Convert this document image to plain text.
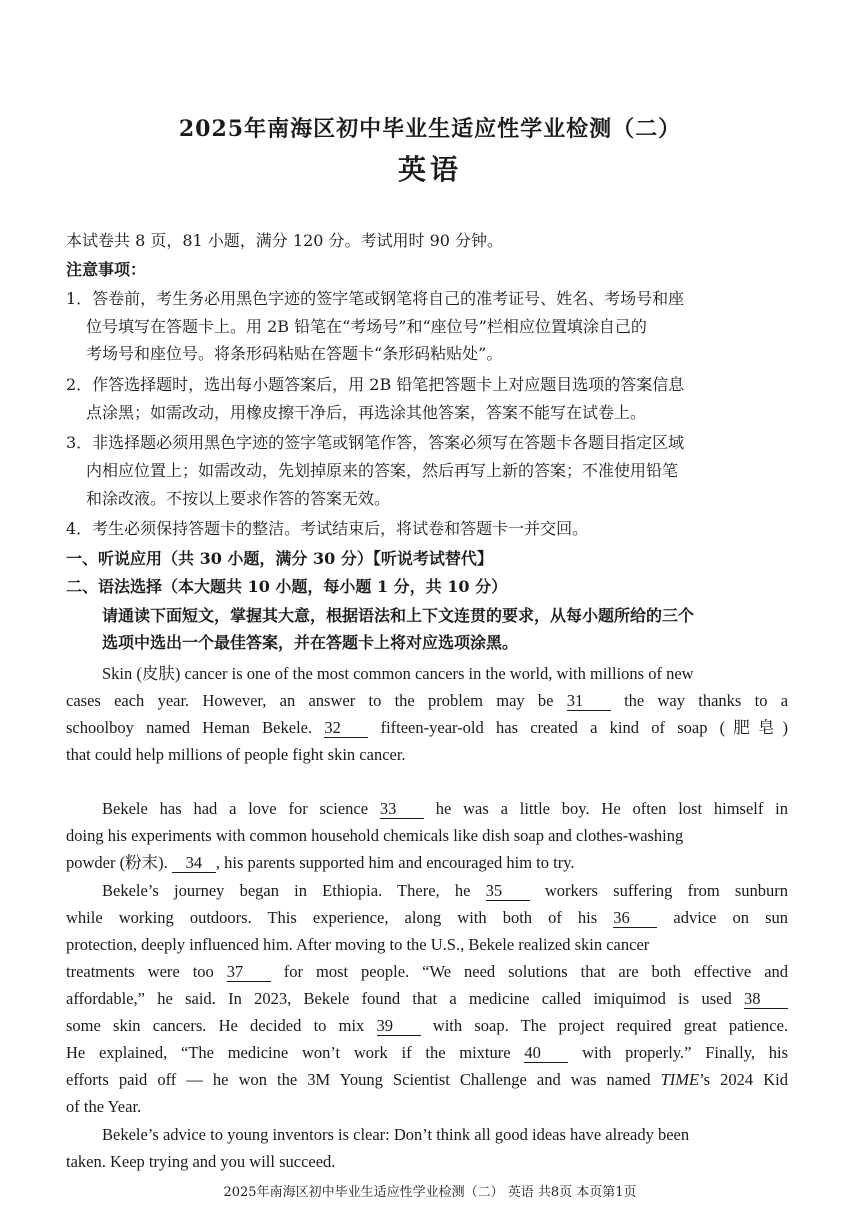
2025年南海区初中毕业生适应性学业检测（二）
英语
本试卷共 8 页，81 小题，满分 120 分。考试用时 90 分钟。
注意事项：
1．答卷前，考生务必用黑色字迹的签字笔或钢笔将自己的准考证号、姓名、考场号和座
位号填写在答题卡上。用 2B 铅笔在“考场号”和“座位号”栏相应位置填涂自己的
考场号和座位号。将条形码粘贴在答题卡“条形码粘贴处”。
2．作答选择题时，选出每小题答案后，用 2B 铅笔把答题卡上对应题目选项的答案信息
点涂黑；如需改动，用橡皮擦干净后，再选涂其他答案，答案不能写在试卷上。
3．非选择题必须用黑色字迹的签字笔或钢笔作答，答案必须写在答题卡各题目指定区域
内相应位置上；如需改动，先划掉原来的答案，然后再写上新的答案；不准使用铅笔
和涂改液。不按以上要求作答的答案无效。
4．考生必须保持答题卡的整洁。考试结束后，将试卷和答题卡一并交回。
一、听说应用（共 30 小题，满分 30 分）【听说考试替代】
二、语法选择（本大题共 10 小题，每小题 1 分，共 10 分）
请通读下面短文，掌握其大意，根据语法和上下文连贯的要求，从每小题所给的三个
选项中选出一个最佳答案，并在答题卡上将对应选项涂黑。
Skin (皮肤) cancer is one of the most common cancers in the world, with millions of new
cases each year. However, an answer to the problem may be 31 the way thanks to a
schoolboy named Heman Bekele. 32 fifteen-year-old has created a kind of soap (肥皂)
that could help millions of people fight skin cancer.
Bekele has had a love for science 33 he was a little boy. He often lost himself in
doing his experiments with common household chemicals like dish soap and clothes-washing
powder (粉末). 34 , his parents supported him and encouraged him to try.
Bekele’s journey began in Ethiopia. There, he 35	workers suffering from sunburn
while working outdoors. This experience, along with both of his 36	advice on sun
protection, deeply influenced him. After moving to the U.S., Bekele realized skin cancer
treatments were too 37 for most people. “We need solutions that are both effective and
affordable,” he said. In 2023, Bekele found that a medicine called imiquimod is used 38
some skin cancers. He decided to mix 39 with soap. The project required great patience.
He explained, “The medicine won’t work if the mixture 40	with properly.” Finally, his
efforts paid off — he won the 3M Young Scientist Challenge and was named TIME’s 2024 Kid
of the Year.
Bekele’s advice to young inventors is clear: Don’t think all good ideas have already been
taken. Keep trying and you will succeed.
2025年南海区初中毕业生适应性学业检测（二） 英语 共8页 本页第1页
